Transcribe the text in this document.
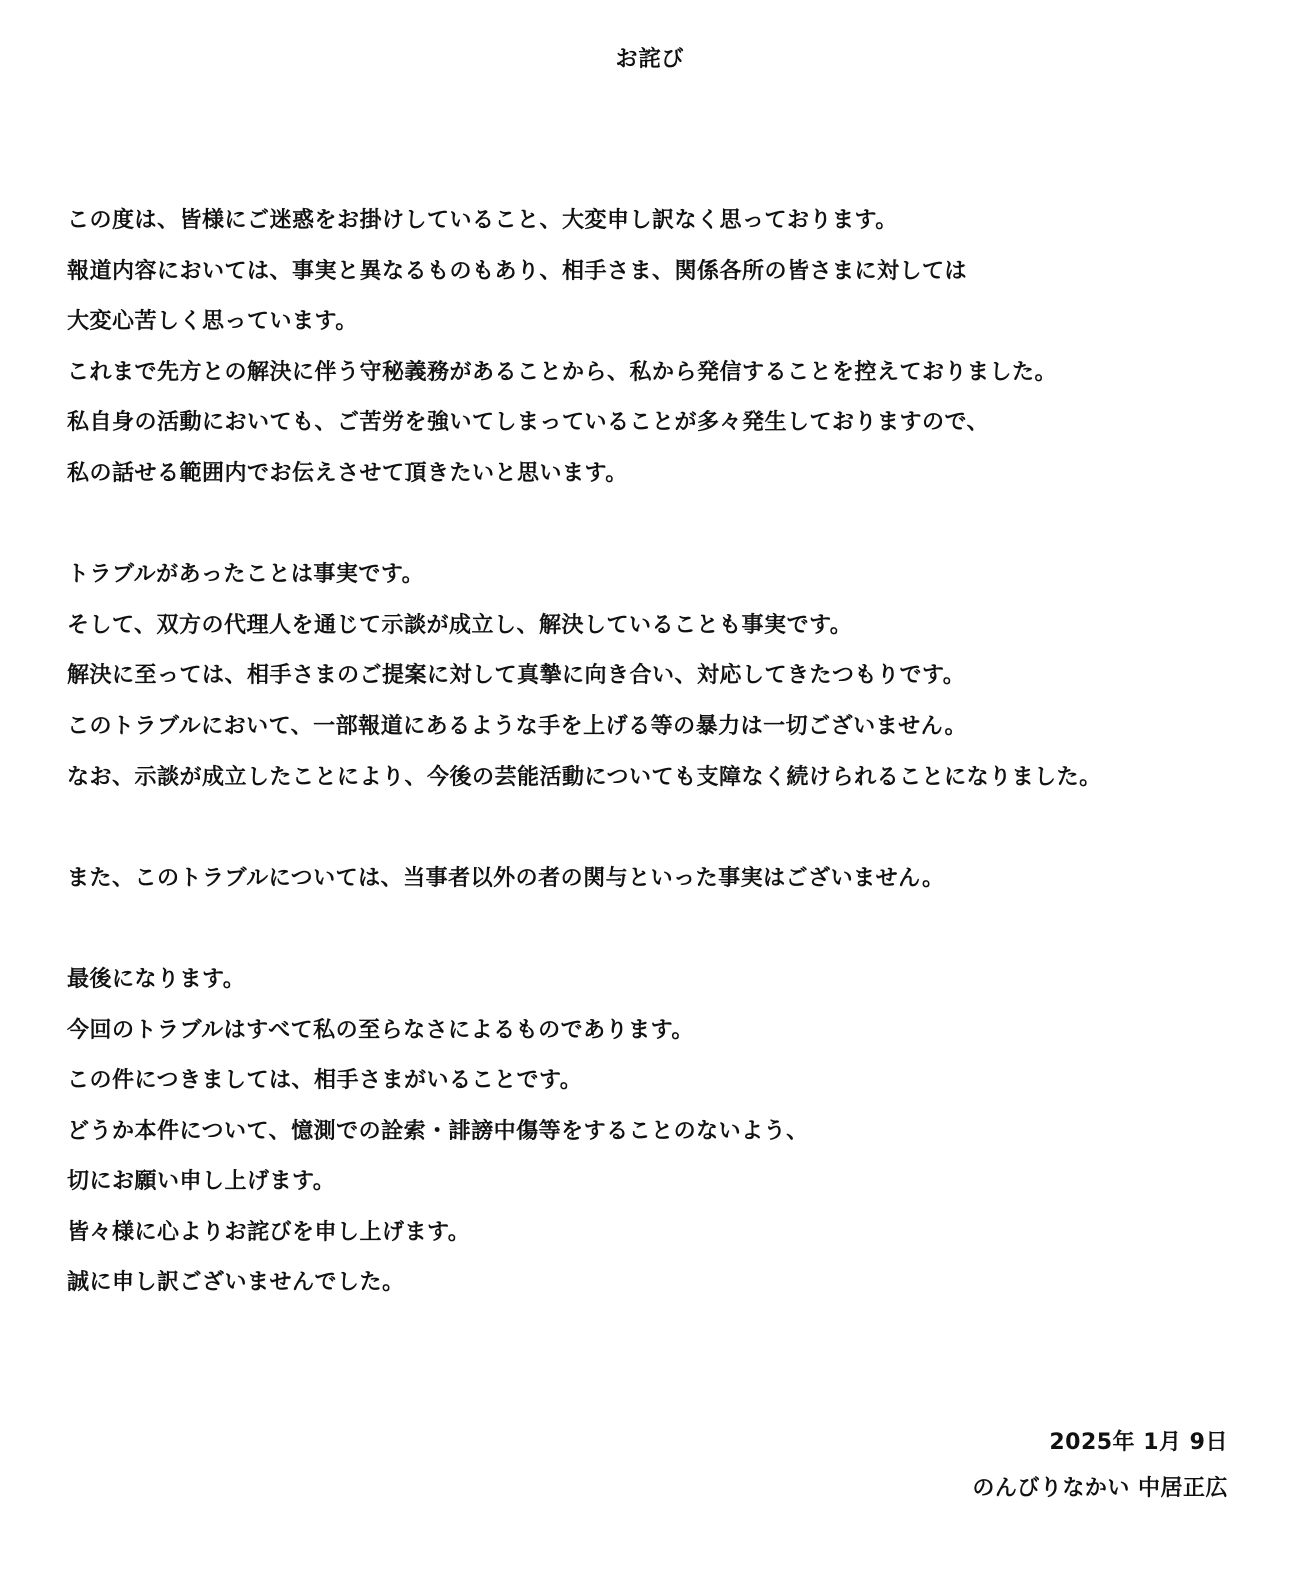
お詫び
この度は、皆様にご迷惑をお掛けしていること、大変申し訳なく思っております。
報道内容においては、事実と異なるものもあり、相手さま、関係各所の皆さまに対しては
大変心苦しく思っています。
これまで先方との解決に伴う守秘義務があることから、私から発信することを控えておりました。
私自身の活動においても、ご苦労を強いてしまっていることが多々発生しておりますので、
私の話せる範囲内でお伝えさせて頂きたいと思います。
トラブルがあったことは事実です。
そして、双方の代理人を通じて示談が成立し、解決していることも事実です。
解決に至っては、相手さまのご提案に対して真摯に向き合い、対応してきたつもりです。
このトラブルにおいて、一部報道にあるような手を上げる等の暴力は一切ございません。
なお、示談が成立したことにより、今後の芸能活動についても支障なく続けられることになりました。
また、このトラブルについては、当事者以外の者の関与といった事実はございません。
最後になります。
今回のトラブルはすべて私の至らなさによるものであります。
この件につきましては、相手さまがいることです。
どうか本件について、憶測での詮索・誹謗中傷等をすることのないよう、
切にお願い申し上げます。
皆々様に心よりお詫びを申し上げます。
誠に申し訳ございませんでした。
2025年 1月 9日
のんびりなかい 中居正広
